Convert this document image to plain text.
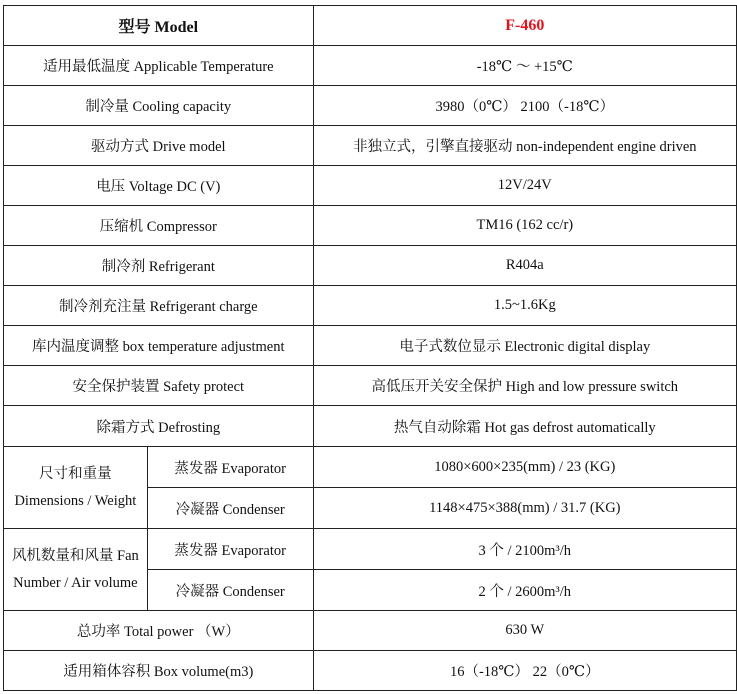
型号 Model		F-460
适用最低温度 Applicable Temperature		-18℃ ～ +15℃
制冷量 Cooling capacity		3980（0℃） 2100（-18℃）
驱动方式 Drive model		非独立式，引擎直接驱动 non-independent engine driven
电压 Voltage DC (V)		12V/24V
压缩机 Compressor		TM16 (162 cc/r)
制冷剂 Refrigerant		R404a
制冷剂充注量 Refrigerant charge		1.5~1.6Kg
库内温度调整 box temperature adjustment		电子式数位显示 Electronic digital display
安全保护装置 Safety protect		高低压开关安全保护 High and low pressure switch
除霜方式 Defrosting		热气自动除霜 Hot gas defrost automatically
尺寸和重量 Dimensions / Weight	蒸发器 Evaporator	1080×600×235(mm) / 23 (KG)
	冷凝器 Condenser	1148×475×388(mm) / 31.7 (KG)
风机数量和风量 Fan Number / Air volume	蒸发器 Evaporator	3 个 / 2100m³/h
	冷凝器 Condenser	2 个 / 2600m³/h
总功率 Total power （W）		630 W
适用箱体容积 Box volume(m3)		16（-18℃） 22（0℃）
